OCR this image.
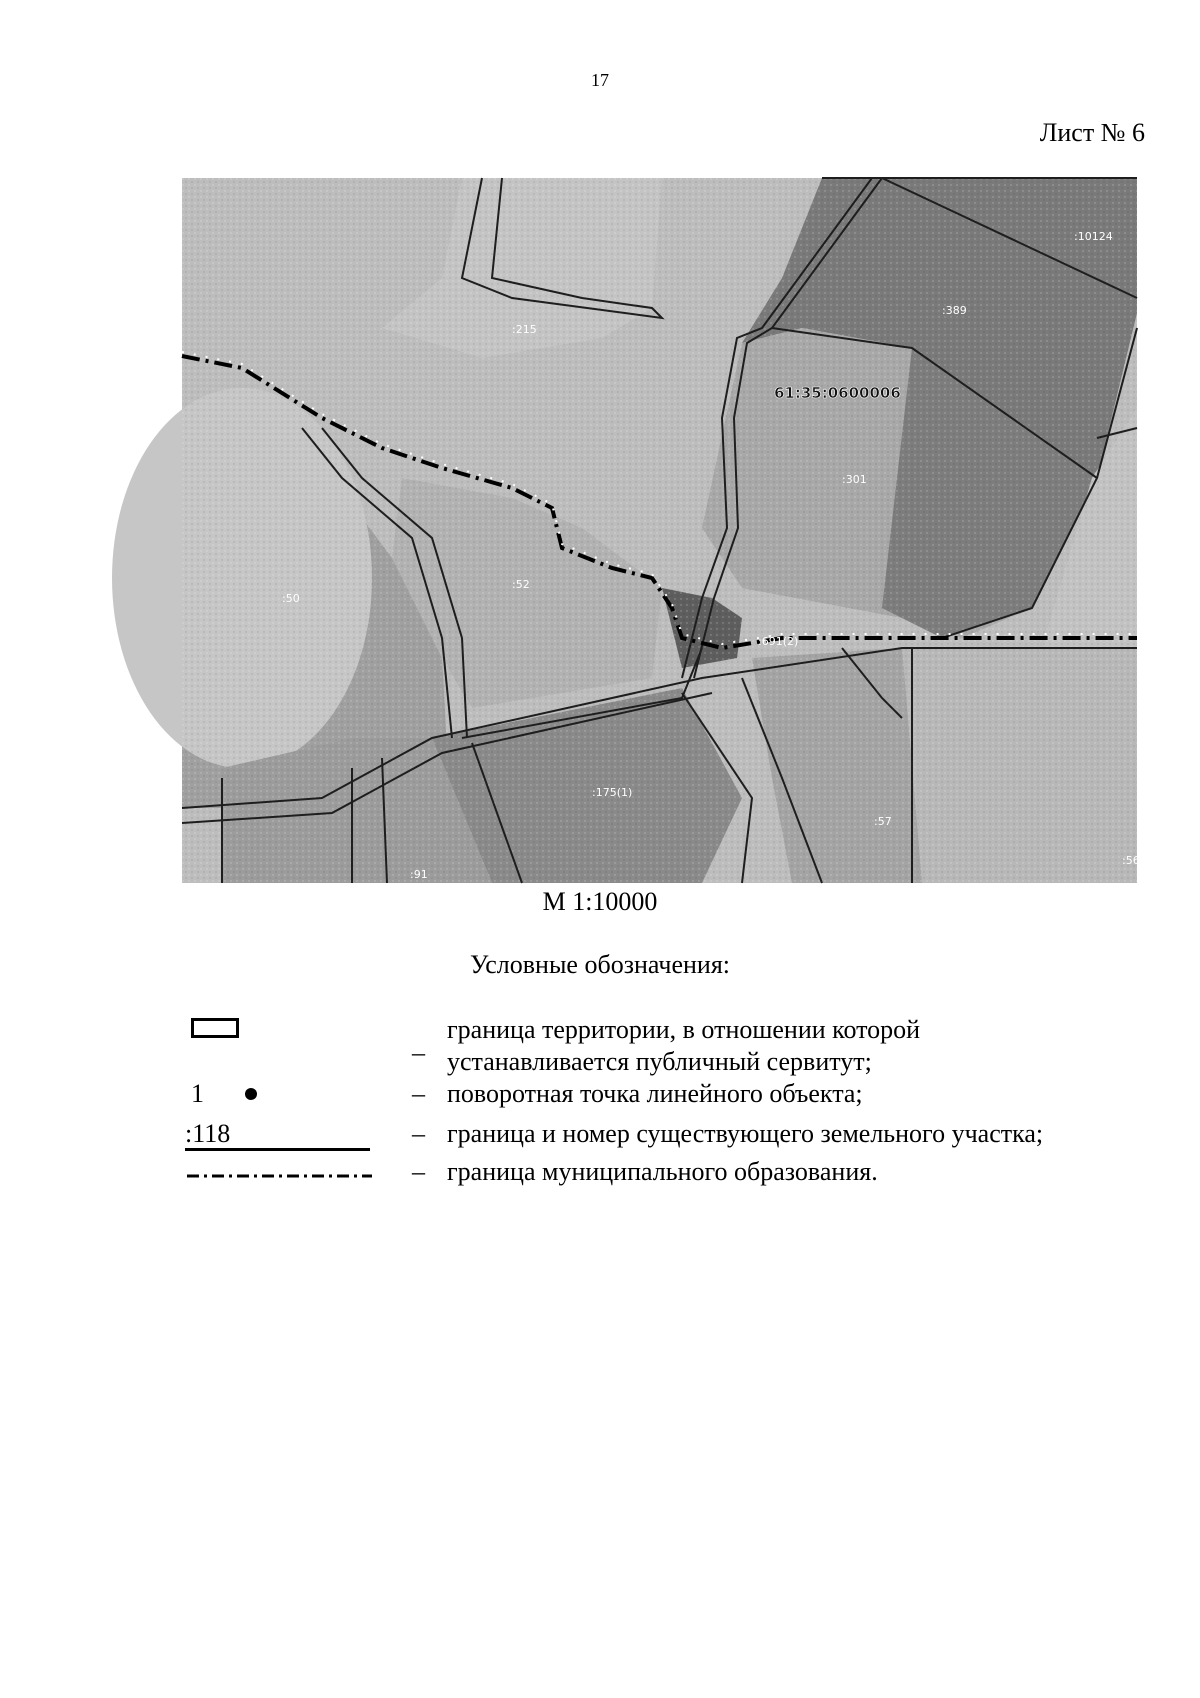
17
Лист № 6
:10124
:389
:215
:301
:52
:50
:691(2)
:175(1)
:57
:91
:56
61:35:0600006
М 1:10000
Условные обозначения:
_ граница территории, в отношении которой
устанавливается публичный сервитут;
1	– поворотная точка линейного объекта;
:118	– граница и номер существующего земельного участка;
– граница муниципального образования.
